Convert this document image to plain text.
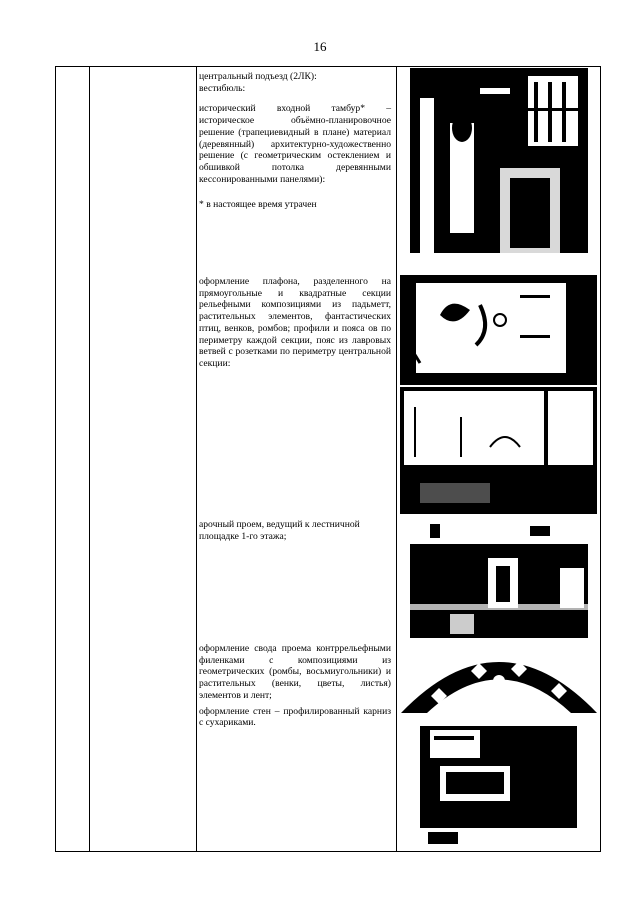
16

центральный подъезд (2ЛК):

вестибюль:

исторический входной тамбур* – историческое объёмно-планировочное решение (трапециевидный в плане) материал (деревянный) архитектурно-художественно решение (с геометрическим остеклением и обшивкой потолка деревянными кессонированными панелями):

* в настоящее время утрачен

оформление плафона, разделенного на прямоугольные и квадратные секции рельефными композициями из падьметт, растительных элементов, фантастических птиц, венков, ромбов; профили и пояса ов по периметру каждой секции, пояс из лавровых ветвей с розетками по периметру центральной секции:

арочный проем, ведущий к лестничной площадке 1-го этажа;

оформление свода проема контррельефными филенками с композициями из геометрических (ромбы, восьмиугольники) и растительных (венки, цветы, листья) элементов и лент;

оформление стен – профилированный карниз с сухариками.
